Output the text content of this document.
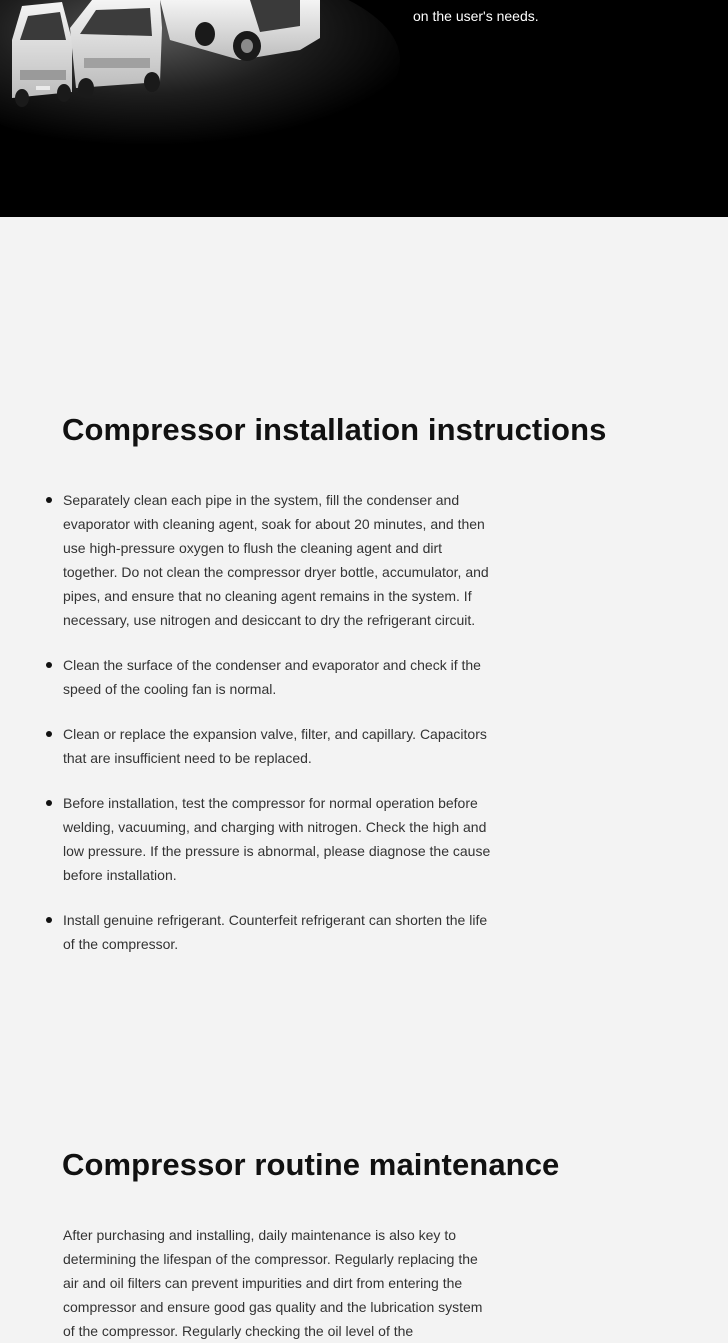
on the user's needs.
Compressor installation instructions
Separately clean each pipe in the system, fill the condenser and evaporator with cleaning agent, soak for about 20 minutes, and then use high-pressure oxygen to flush the cleaning agent and dirt together. Do not clean the compressor dryer bottle, accumulator, and pipes, and ensure that no cleaning agent remains in the system. If necessary, use nitrogen and desiccant to dry the refrigerant circuit.
Clean the surface of the condenser and evaporator and check if the speed of the cooling fan is normal.
Clean or replace the expansion valve, filter, and capillary. Capacitors that are insufficient need to be replaced.
Before installation, test the compressor for normal operation before welding, vacuuming, and charging with nitrogen. Check the high and low pressure. If the pressure is abnormal, please diagnose the cause before installation.
Install genuine refrigerant. Counterfeit refrigerant can shorten the life of the compressor.
Compressor routine maintenance

After purchasing and installing, daily maintenance is also key to determining the lifespan of the compressor. Regularly replacing the air and oil filters can prevent impurities and dirt from entering the compressor and ensure good gas quality and the lubrication system of the compressor. Regularly checking the oil level of the
